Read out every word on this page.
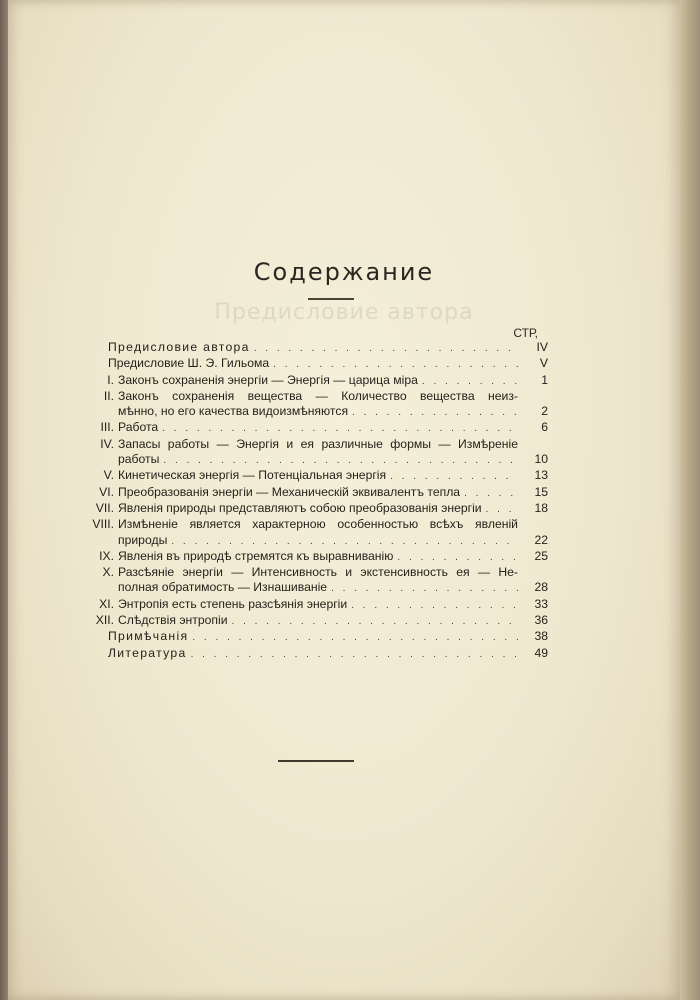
Предисловие автора
Содержание
СТР,
Предисловие автора . . .	IV
Предисловие Ш. Э. Гильома . . .	V
I. Законъ сохраненія энергіи — Энергія — царица міра . . .	1
II. Законъ сохраненія вещества — Количество вещества неиз-
мѣнно, но его качества видоизмѣняются . . .	2
III. Работа . . .	6
IV. Запасы работы — Энергія и ея различные формы — Измѣреніе
работы . . .	10
V. Кинетическая энергія — Потенціальная энергія . . .	13
VI. Преобразованія энергіи — Механическій эквивалентъ тепла . . .	15
VII. Явленія природы представляютъ собою преобразованія энергіи . . .	18
VIII. Измѣненіе является характерною особенностью всѣхъ явленій
природы . . .	22
IX. Явленія въ природѣ стремятся къ выравниванію . . .	25
X. Разсѣяніе энергіи — Интенсивность и экстенсивность ея — Не-
полная обратимость — Изнашиваніе . . .	28
XI. Энтропія есть степень разсѣянія энергіи . . .	33
XII. Слѣдствія энтропіи . . .	36
Примѣчанія . . .	38
Литература . . .	49
